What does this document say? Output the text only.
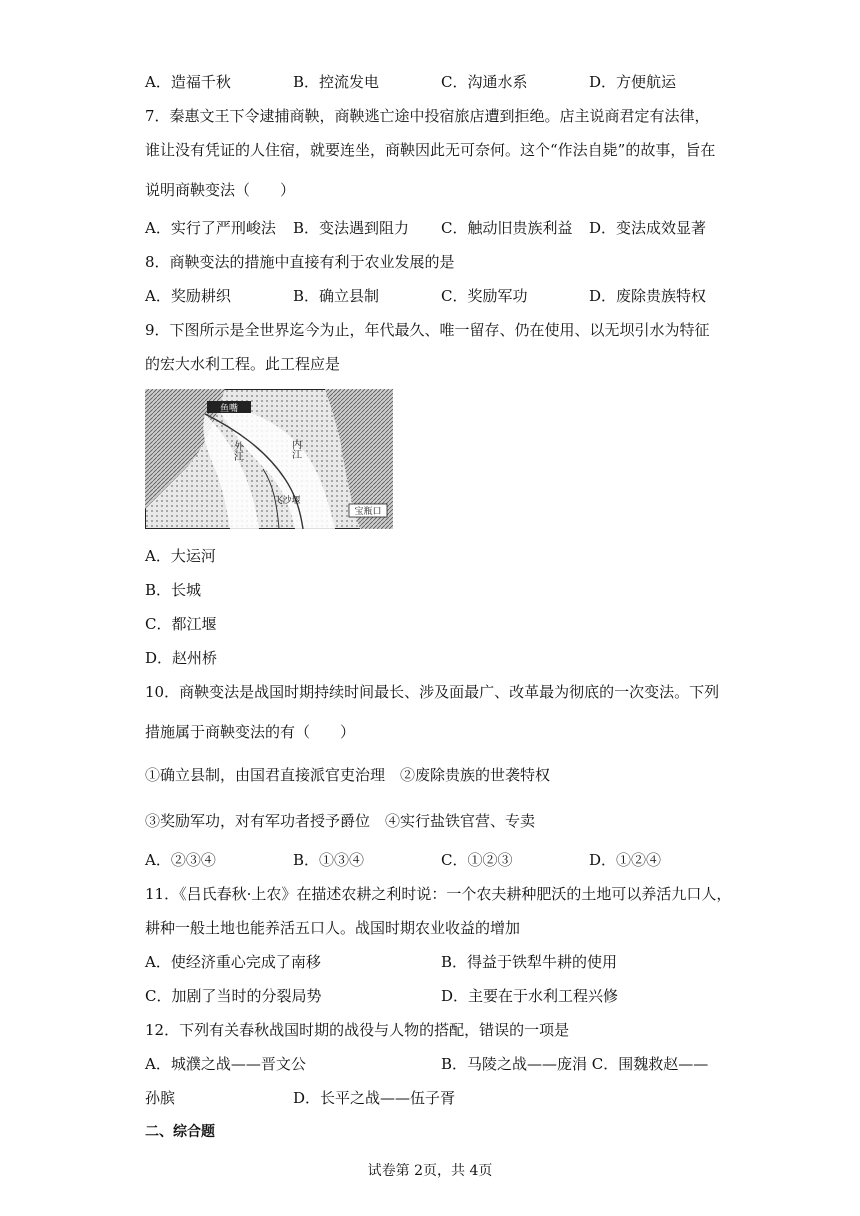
A．造福千秋	B．控流发电	C．沟通水系	D．方便航运
7．秦惠文王下令逮捕商鞅，商鞅逃亡途中投宿旅店遭到拒绝。店主说商君定有法律，
谁让没有凭证的人住宿，就要连坐，商鞅因此无可奈何。这个“作法自毙”的故事，旨在
说明商鞅变法（　　）
A．实行了严刑峻法 B．变法遇到阻力 C．触动旧贵族利益 D．变法成效显著
8．商鞅变法的措施中直接有利于农业发展的是
A．奖励耕织	B．确立县制	C．奖励军功	D．废除贵族特权
9．下图所示是全世界迄今为止，年代最久、唯一留存、仍在使用、以无坝引水为特征
的宏大水利工程。此工程应是
鱼嘴
外江	内江
飞沙堰
宝瓶口
A．大运河
B．长城
C．都江堰
D．赵州桥
10．商鞅变法是战国时期持续时间最长、涉及面最广、改革最为彻底的一次变法。下列
措施属于商鞅变法的有（　　）
①确立县制，由国君直接派官吏治理　②废除贵族的世袭特权
③奖励军功，对有军功者授予爵位　④实行盐铁官营、专卖
A．②③④	B．①③④	C．①②③	D．①②④
11．《吕氏春秋·上农》在描述农耕之利时说：一个农夫耕种肥沃的土地可以养活九口人，
耕种一般土地也能养活五口人。战国时期农业收益的增加
A．使经济重心完成了南移	B．得益于铁犁牛耕的使用
C．加剧了当时的分裂局势	D．主要在于水利工程兴修
12．下列有关春秋战国时期的战役与人物的搭配，错误的一项是
A．城濮之战——晋文公	B．马陵之战——庞涓 C．围魏救赵——
孙膑	D．长平之战——伍子胥
二、综合题
试卷第 2页，共 4页
